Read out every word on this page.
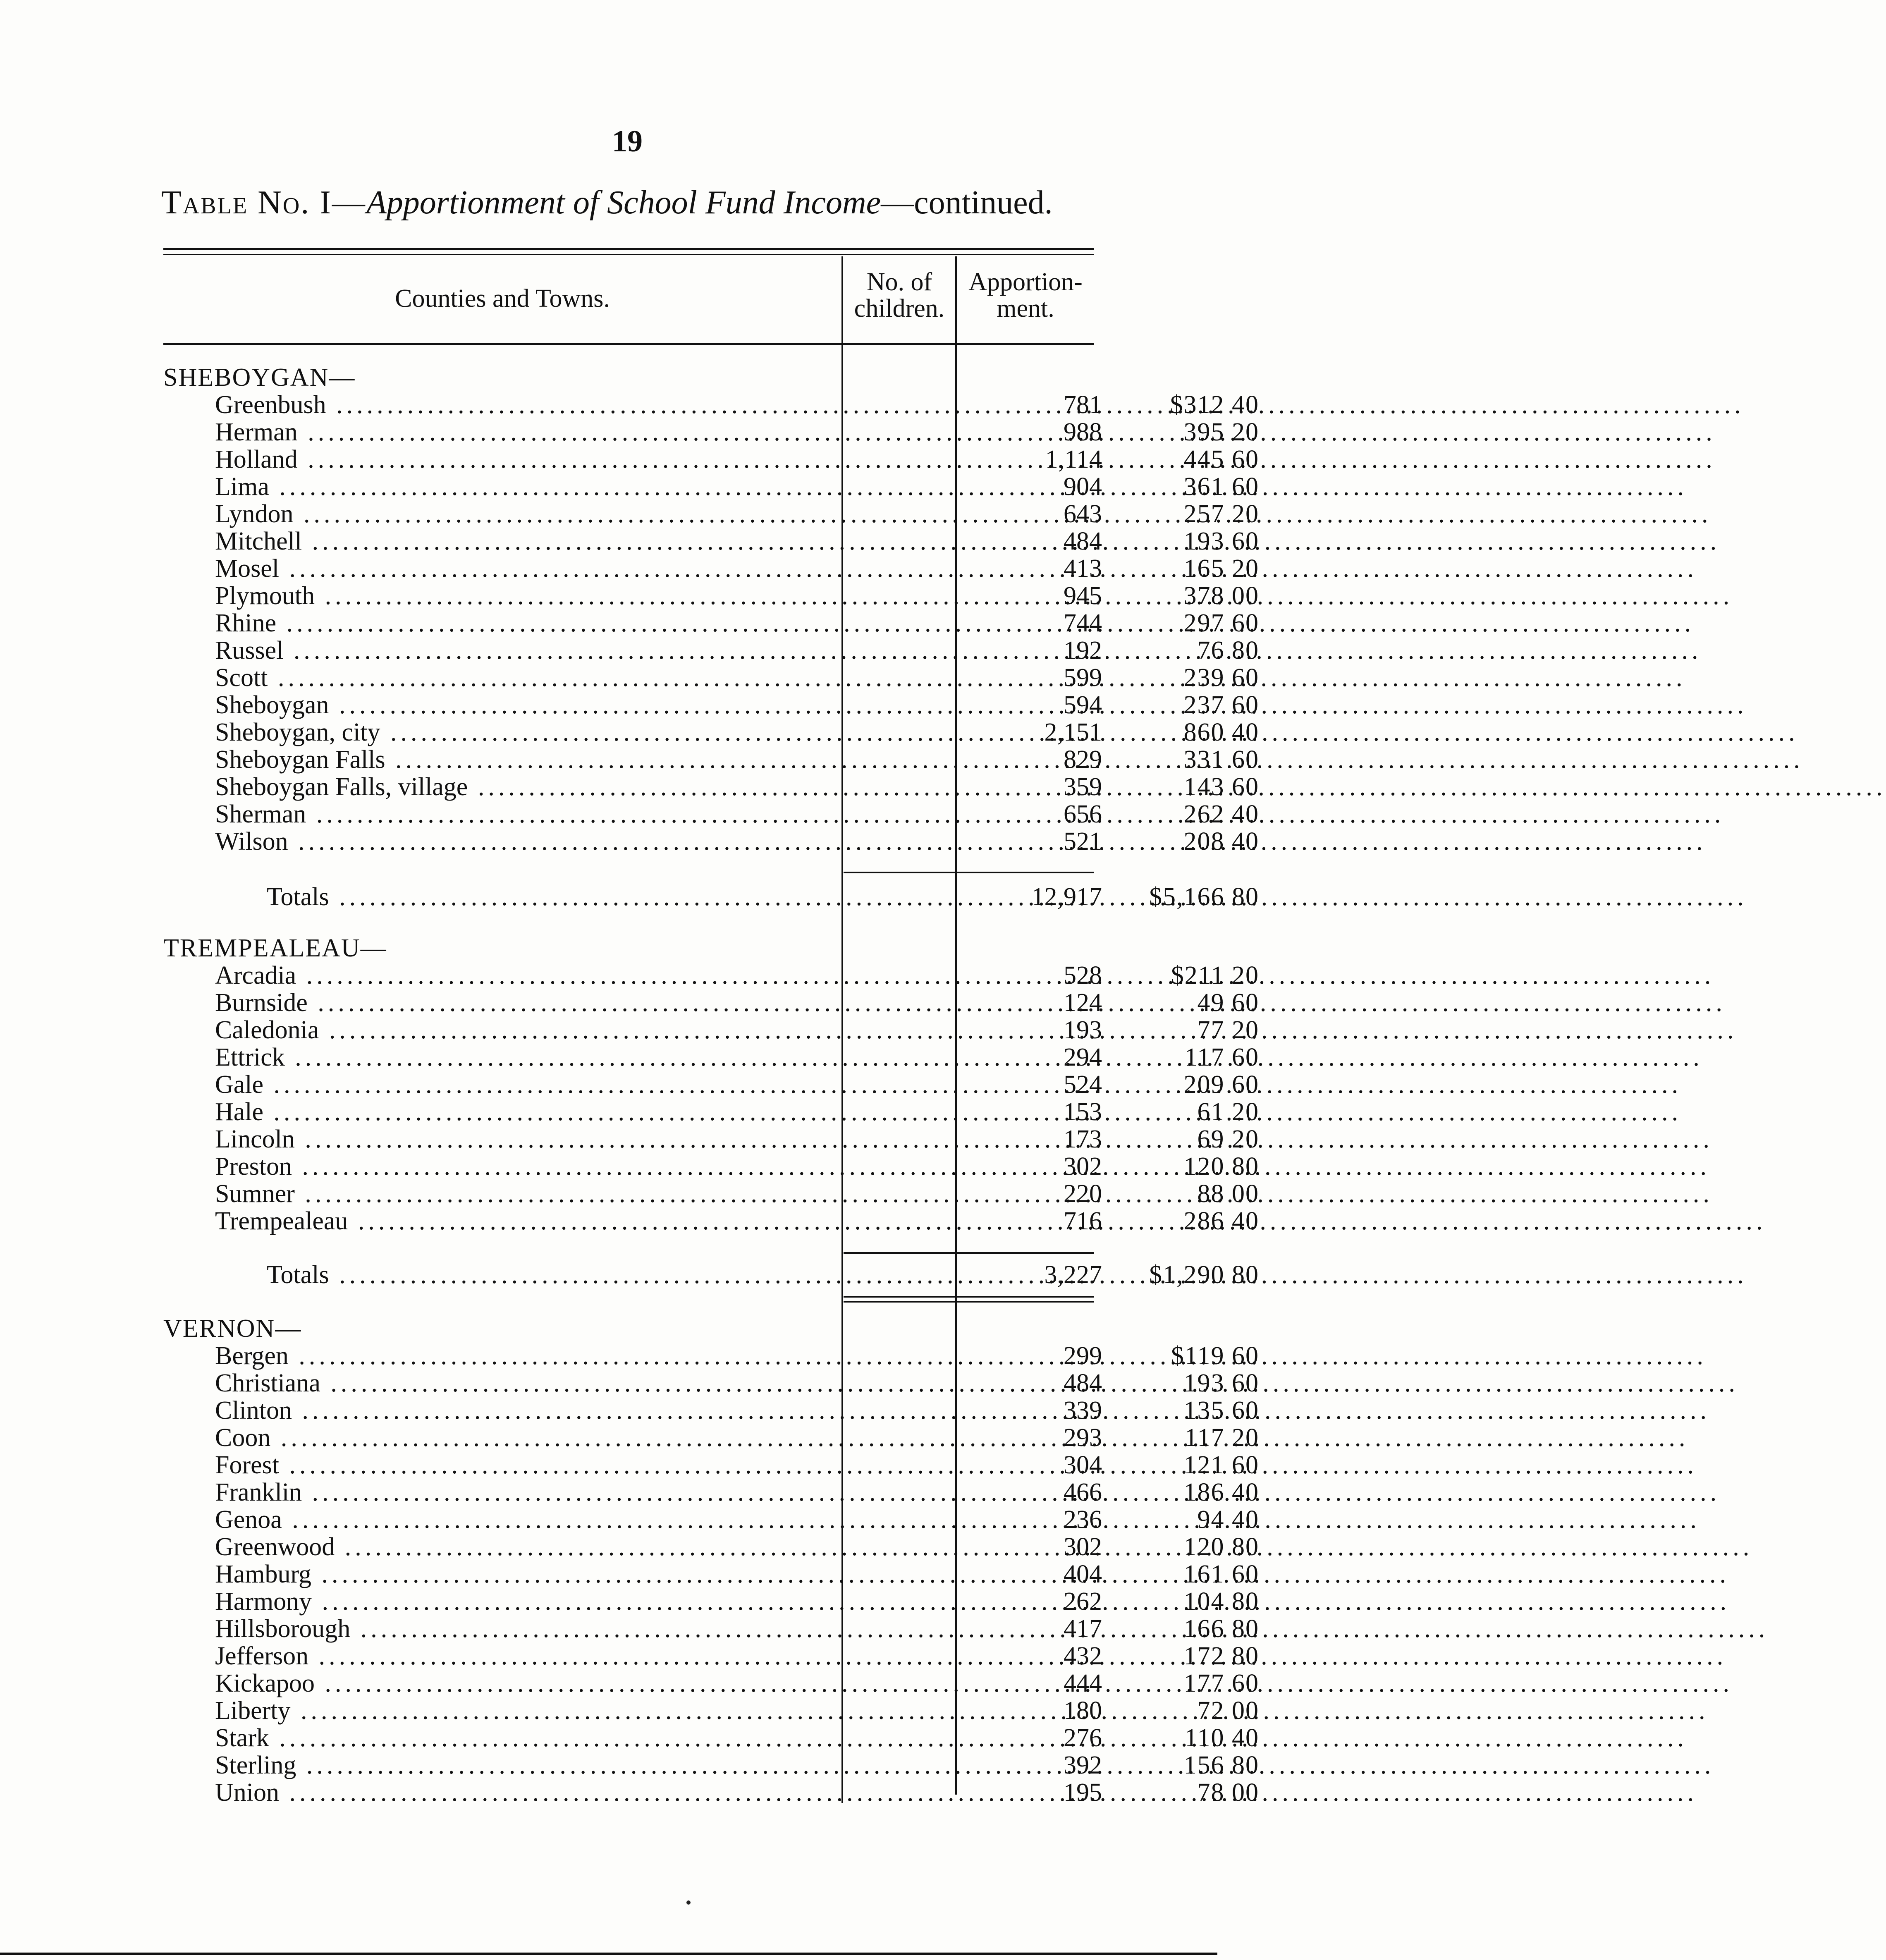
19
Table No. I—Apportionment of School Fund Income—continued.
Counties and Towns.
No. of
children.
Apportion-
ment.
SHEBOYGAN—
Greenbush .....	781	$312 40
Herman .....	988	395 20
Holland .....	1,114	445 60
Lima .....	904	361 60
Lyndon .....	643	257 20
Mitchell .....	484	193 60
Mosel .....	413	165 20
Plymouth .....	945	378 00
Rhine .....	744	297 60
Russel .....	192	76 80
Scott .....	599	239 60
Sheboygan .....	594	237 60
Sheboygan, city .....	2,151	860 40
Sheboygan Falls .....	829	331 60
Sheboygan Falls, village .....	359	143 60
Sherman .....	656	262 40
Wilson .....	521	208 40
Totals .....	12,917	$5,166 80
TREMPEALEAU—
Arcadia .....	528	$211 20
Burnside .....	124	49 60
Caledonia .....	193	77 20
Ettrick .....	294	117 60
Gale .....	524	209 60
Hale .....	153	61 20
Lincoln .....	173	69 20
Preston .....	302	120 80
Sumner .....	220	88 00
Trempealeau .....	716	286 40
Totals .....	3,227	$1,290 80
VERNON—
Bergen .....	299	$119 60
Christiana .....	484	193 60
Clinton .....	339	135 60
Coon .....	293	117 20
Forest .....	304	121 60
Franklin .....	466	186 40
Genoa .....	236	94 40
Greenwood .....	302	120 80
Hamburg .....	404	161 60
Harmony .....	262	104 80
Hillsborough .....	417	166 80
Jefferson .....	432	172 80
Kickapoo .....	444	177 60
Liberty .....	180	72 00
Stark .....	276	110 40
Sterling .....	392	156 80
Union .....	195	78 00
